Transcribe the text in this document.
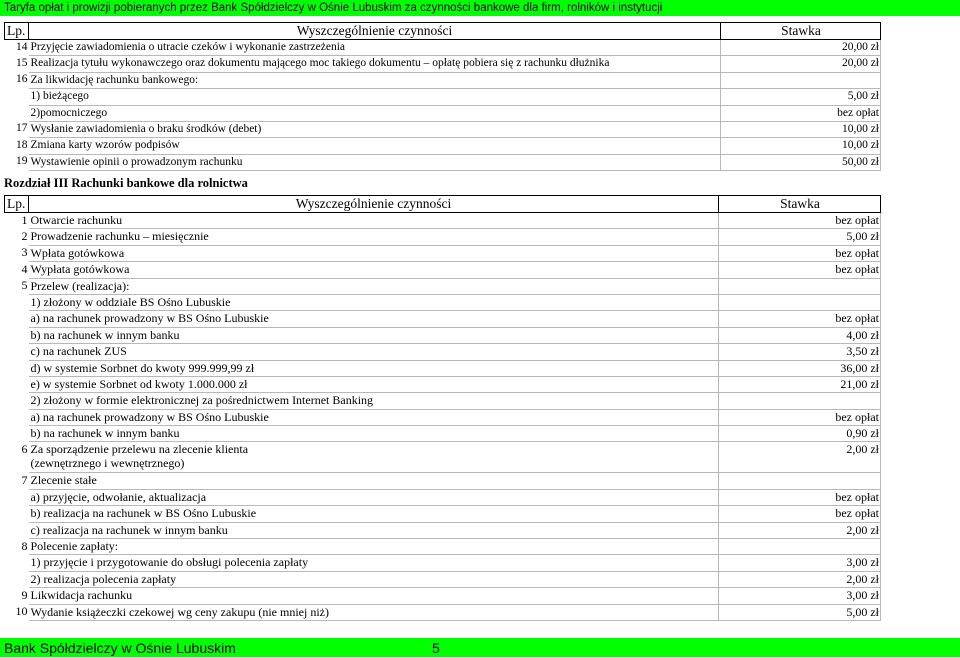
Taryfa opłat i prowizji pobieranych przez Bank Spółdzielczy w Ośnie Lubuskim za czynności bankowe dla firm, rolników i instytucji
Lp.	Wyszczególnienie czynności	Stawka
14	Przyjęcie zawiadomienia o utracie czeków i wykonanie zastrzeżenia	20,00 zł
15	Realizacja tytułu wykonawczego oraz dokumentu mającego moc takiego dokumentu – opłatę pobiera się z rachunku dłużnika	20,00 zł
16	Za likwidację rachunku bankowego:	
	1) bieżącego	5,00 zł
	2)pomocniczego	bez opłat
17	Wysłanie zawiadomienia o braku środków (debet)	10,00 zł
18	Zmiana karty wzorów podpisów	10,00 zł
19	Wystawienie opinii o prowadzonym rachunku	50,00 zł
Rozdział III Rachunki bankowe dla rolnictwa
Lp.	Wyszczególnienie czynności	Stawka
1	Otwarcie rachunku	bez opłat
2	Prowadzenie rachunku – miesięcznie	5,00 zł
3	Wpłata gotówkowa	bez opłat
4	Wypłata gotówkowa	bez opłat
5	Przelew (realizacja):	
	1) złożony w oddziale BS Ośno Lubuskie	
	a) na rachunek prowadzony w BS Ośno Lubuskie	bez opłat
	b) na rachunek w innym banku	4,00 zł
	c) na rachunek ZUS	3,50 zł
	d) w systemie Sorbnet do kwoty 999.999,99 zł	36,00 zł
	e) w systemie Sorbnet od kwoty 1.000.000 zł	21,00 zł
	2) złożony w formie elektronicznej za pośrednictwem Internet Banking	
	a) na rachunek prowadzony w BS Ośno Lubuskie	bez opłat
	b) na rachunek w innym banku	0,90 zł
6	Za sporządzenie przelewu na zlecenie klienta
(zewnętrznego i wewnętrznego)	2,00 zł
7	Zlecenie stałe	
	a) przyjęcie, odwołanie, aktualizacja	bez opłat
	b) realizacja na rachunek w BS Ośno Lubuskie	bez opłat
	c) realizacja na rachunek w innym banku	2,00 zł
8	Polecenie zapłaty:	
	1) przyjęcie i przygotowanie do obsługi polecenia zapłaty	3,00 zł
	2) realizacja polecenia zapłaty	2,00 zł
9	Likwidacja rachunku	3,00 zł
10	Wydanie książeczki czekowej wg ceny zakupu (nie mniej niż)	5,00 zł
Bank Spółdzielczy w Ośnie Lubuskim	5
